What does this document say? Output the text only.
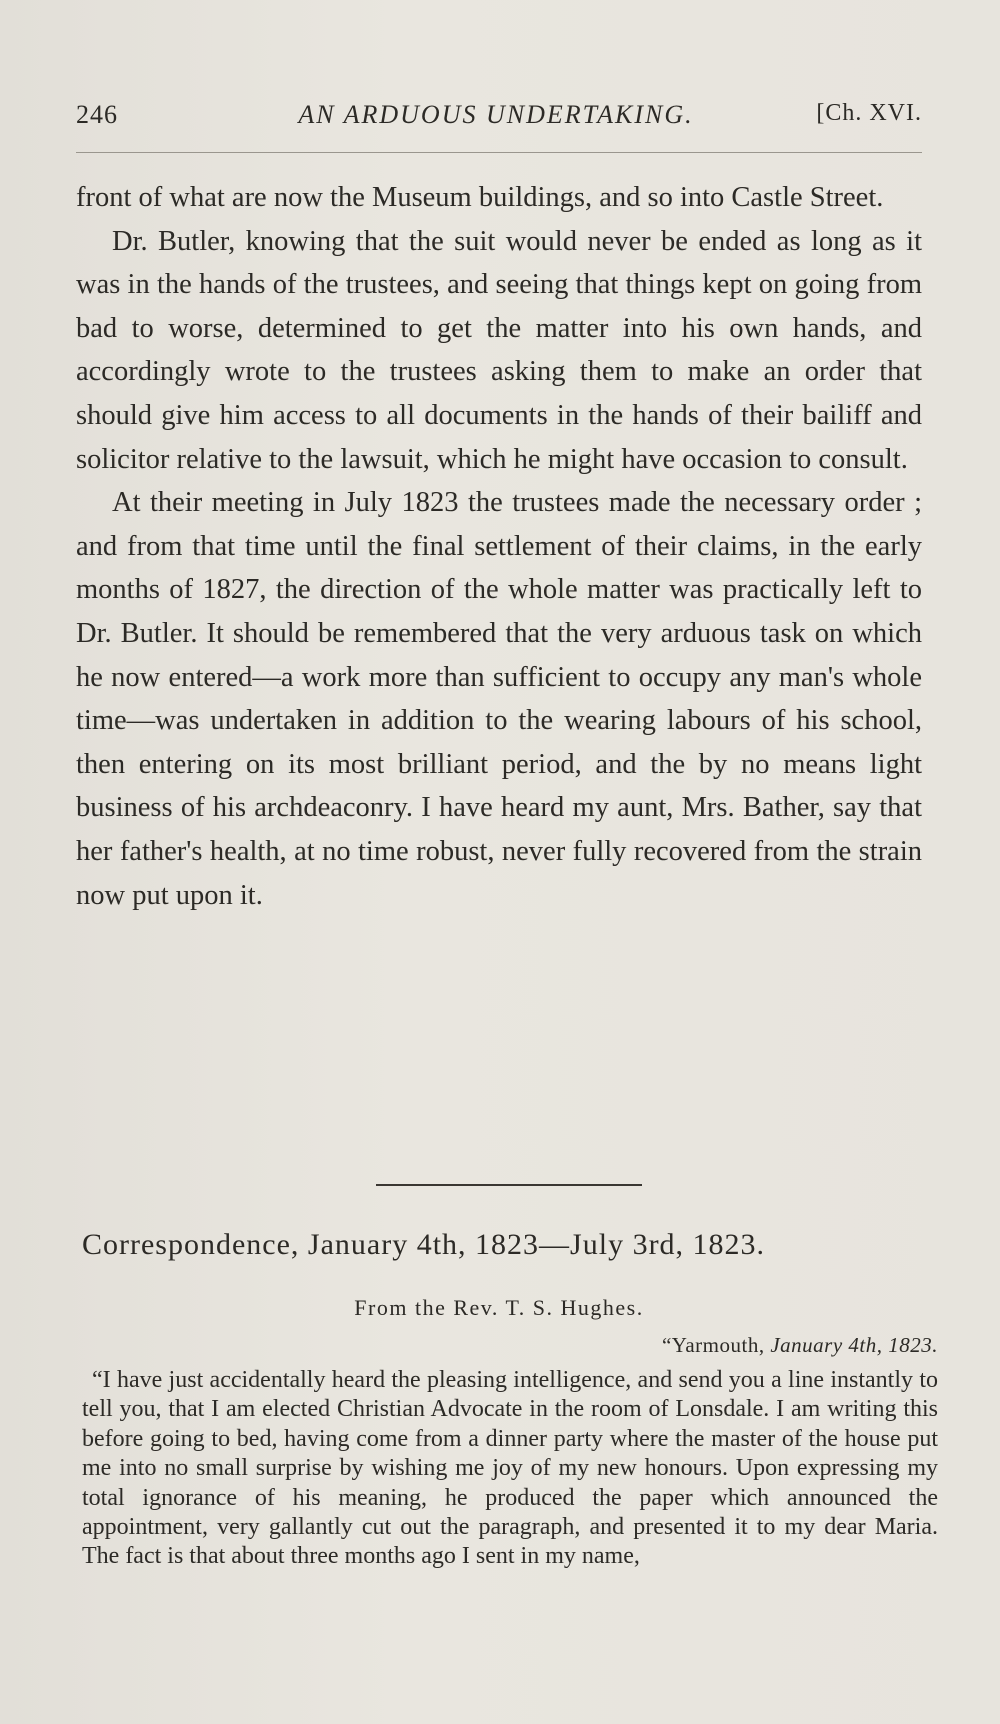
246	AN ARDUOUS UNDERTAKING.	[Ch. XVI.

front of what are now the Museum buildings, and so into Castle Street.

Dr. Butler, knowing that the suit would never be ended as long as it was in the hands of the trustees, and seeing that things kept on going from bad to worse, determined to get the matter into his own hands, and accordingly wrote to the trustees asking them to make an order that should give him access to all documents in the hands of their bailiff and solicitor relative to the lawsuit, which he might have occasion to consult.

At their meeting in July 1823 the trustees made the necessary order ; and from that time until the final settlement of their claims, in the early months of 1827, the direction of the whole matter was practically left to Dr. Butler. It should be remembered that the very arduous task on which he now entered—a work more than sufficient to occupy any man's whole time—was undertaken in addition to the wearing labours of his school, then entering on its most brilliant period, and the by no means light business of his archdeaconry. I have heard my aunt, Mrs. Bather, say that her father's health, at no time robust, never fully recovered from the strain now put upon it.

Correspondence, January 4th, 1823—July 3rd, 1823.
From the Rev. T. S. Hughes.
“Yarmouth, January 4th, 1823.

“I have just accidentally heard the pleasing intelligence, and send you a line instantly to tell you, that I am elected Christian Advocate in the room of Lonsdale. I am writing this before going to bed, having come from a dinner party where the master of the house put me into no small surprise by wishing me joy of my new honours. Upon expressing my total ignorance of his meaning, he produced the paper which announced the appointment, very gallantly cut out the paragraph, and presented it to my dear Maria. The fact is that about three months ago I sent in my name,
